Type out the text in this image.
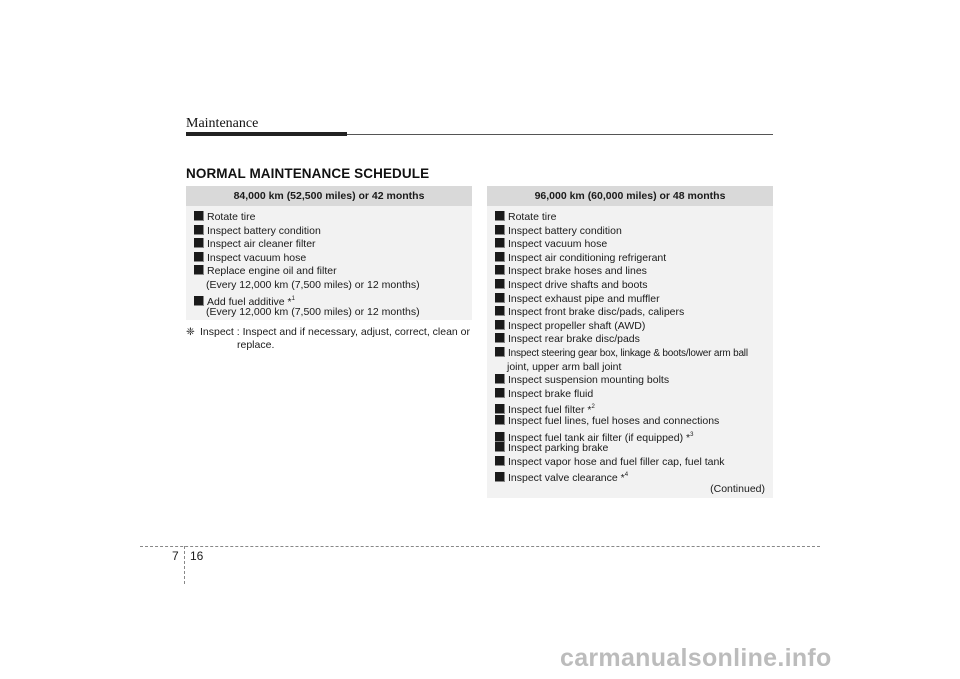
Maintenance
NORMAL MAINTENANCE SCHEDULE
84,000 km (52,500 miles) or 42 months
Rotate tire
Inspect battery condition
Inspect air cleaner filter
Inspect vacuum hose
Replace engine oil and filter
(Every 12,000 km (7,500 miles) or 12 months)
Add fuel additive *$^1$
(Every 12,000 km (7,500 miles) or 12 months)
❈ Inspect : Inspect and if necessary, adjust, correct, clean or
replace.
96,000 km (60,000 miles) or 48 months
Rotate tire
Inspect battery condition
Inspect vacuum hose
Inspect air conditioning refrigerant
Inspect brake hoses and lines
Inspect drive shafts and boots
Inspect exhaust pipe and muffler
Inspect front brake disc/pads, calipers
Inspect propeller shaft (AWD)
Inspect rear brake disc/pads
Inspect steering gear box, linkage & boots/lower arm ball
joint, upper arm ball joint
Inspect suspension mounting bolts
Inspect brake fluid
Inspect fuel filter *$^2$
Inspect fuel lines, fuel hoses and connections
Inspect fuel tank air filter (if equipped) *$^3$
Inspect parking brake
Inspect vapor hose and fuel filler cap, fuel tank
Inspect valve clearance *$^4$
(Continued)
7 16
carmanualsonline.info
